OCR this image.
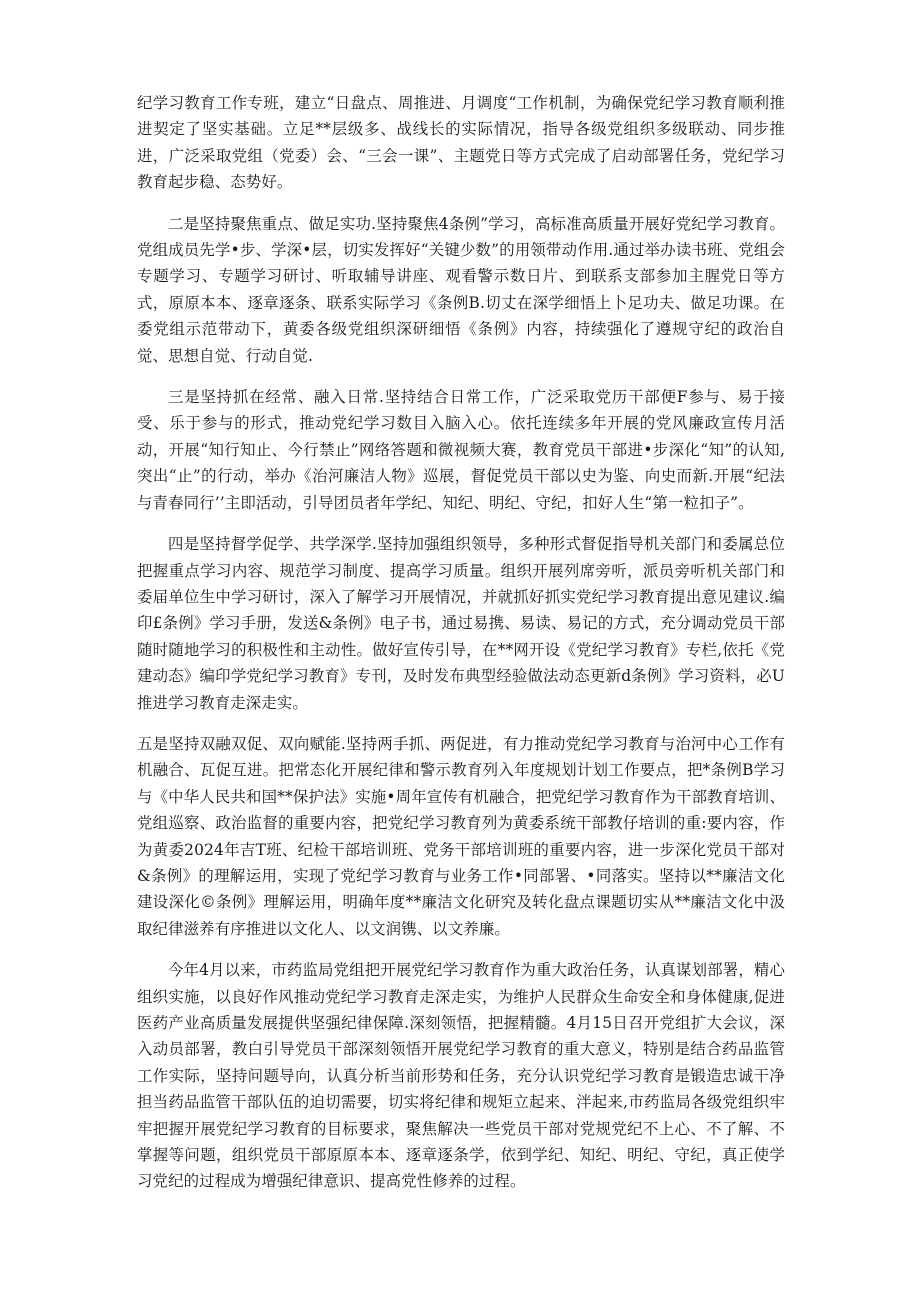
纪学习教育工作专班，建立“日盘点、周推进、月调度“工作机制，为确保党纪学习教育顺利推进契定了坚实基础。立足**层级多、战线长的实际情况，指导各级党组织多级联动、同步推进，广泛采取党组（党委）会、“三会一课”、主题党日等方式完成了启动部署任务，党纪学习教育起步稳、态势好。

二是坚持聚焦重点、做足实功.坚持聚焦4条例”学习，高标准高质量开展好党纪学习教育。党组成员先学•步、学深•层，切实发挥好“关键少数”的用领带动作用.通过举办读书班、党组会专题学习、专题学习研讨、听取辅导讲座、观看警示数日片、到联系支部参加主腥党日等方式，原原本本、逐章逐条、联系实际学习《条例B.切丈在深学细悟上卜足功夫、做足功课。在委党组示范带动下，黄委各级党组织深研细悟《条例》内容，持续强化了遵规守纪的政治自觉、思想自觉、行动自觉.

三是坚持抓在经常、融入日常.坚持结合日常工作，广泛采取党历干部便F参与、易于接受、乐于参与的形式，推动党纪学习数目入脑入心。依托连续多年开展的党风廉政宣传月活动，开展“知行知止、今行禁止”网络答题和微视频大赛，教育党员干部进•步深化“知”的认知,突出“止”的行动，举办《治河廉洁人物》巡展，督促党员干部以史为鉴、向史而新.开展“纪法与青春同行’’主即活动，引导团员者年学纪、知纪、明纪、守纪，扣好人生“第一粒扣子”。

四是坚持督学促学、共学深学.坚持加强组织领导，多种形式督促指导机关部门和委属总位把握重点学习内容、规范学习制度、提高学习质量。组织开展列席旁听，派员旁听机关部门和委届单位生中学习研讨，深入了解学习开展情况，并就抓好抓实党纪学习教育提出意见建议.编印£条例》学习手册，发送&条例》电子书，通过易携、易读、易记的方式，充分调动党员干部随时随地学习的积极性和主动性。做好宣传引导，在**网开设《党纪学习教育》专栏,依托《党建动态》编印学党纪学习教育》专刊，及时发布典型经验做法动态更新d条例》学习资料，必U推进学习教育走深走实。

五是坚持双融双促、双向赋能.坚持两手抓、两促进，有力推动党纪学习教育与治河中心工作有机融合、瓦促互进。把常态化开展纪律和警示教育列入年度规划计划工作要点，把*条例B学习与《中华人民共和国**保护法》实施•周年宣传有机融合，把党纪学习教育作为干部教育培训、党组巡察、政治监督的重要内容，把党纪学习教育列为黄委系统干部教仔培训的重:要内容，作为黄委2024年吉T班、纪检干部培训班、党务干部培训班的重要内容，进一步深化党员干部对&条例》的理解运用，实现了党纪学习教育与业务工作•同部署、•同落实。坚持以**廉洁文化建设深化©条例》理解运用，明确年度**廉洁文化研究及转化盘点课题切实从**廉洁文化中汲取纪律滋养有序推进以文化人、以文润镌、以文养廉。

今年4月以来，市药监局党组把开展党纪学习教育作为重大政治任务，认真谋划部署，精心组织实施，以良好作风推动党纪学习教育走深走实，为维护人民群众生命安全和身体健康,促进医药产业高质量发展提供坚强纪律保障.深刻领悟，把握精髓。4月15日召开党组扩大会议，深入动员部署，教白引导党员干部深刻领悟开展党纪学习教育的重大意义，特别是结合药品监管工作实际，坚持问题导向，认真分析当前形势和任务，充分认识党纪学习教育是锻造忠诚干净担当药品监管干部队伍的迫切需要，切实将纪律和规矩立起来、泮起来,市药监局各级党组织牢牢把握开展党纪学习教育的目标要求，聚焦解决一些党员干部对党规党纪不上心、不了解、不掌握等问题，组织党员干部原原本本、逐章逐条学，依到学纪、知纪、明纪、守纪，真正使学习党纪的过程成为增强纪律意识、提高党性修养的过程。
